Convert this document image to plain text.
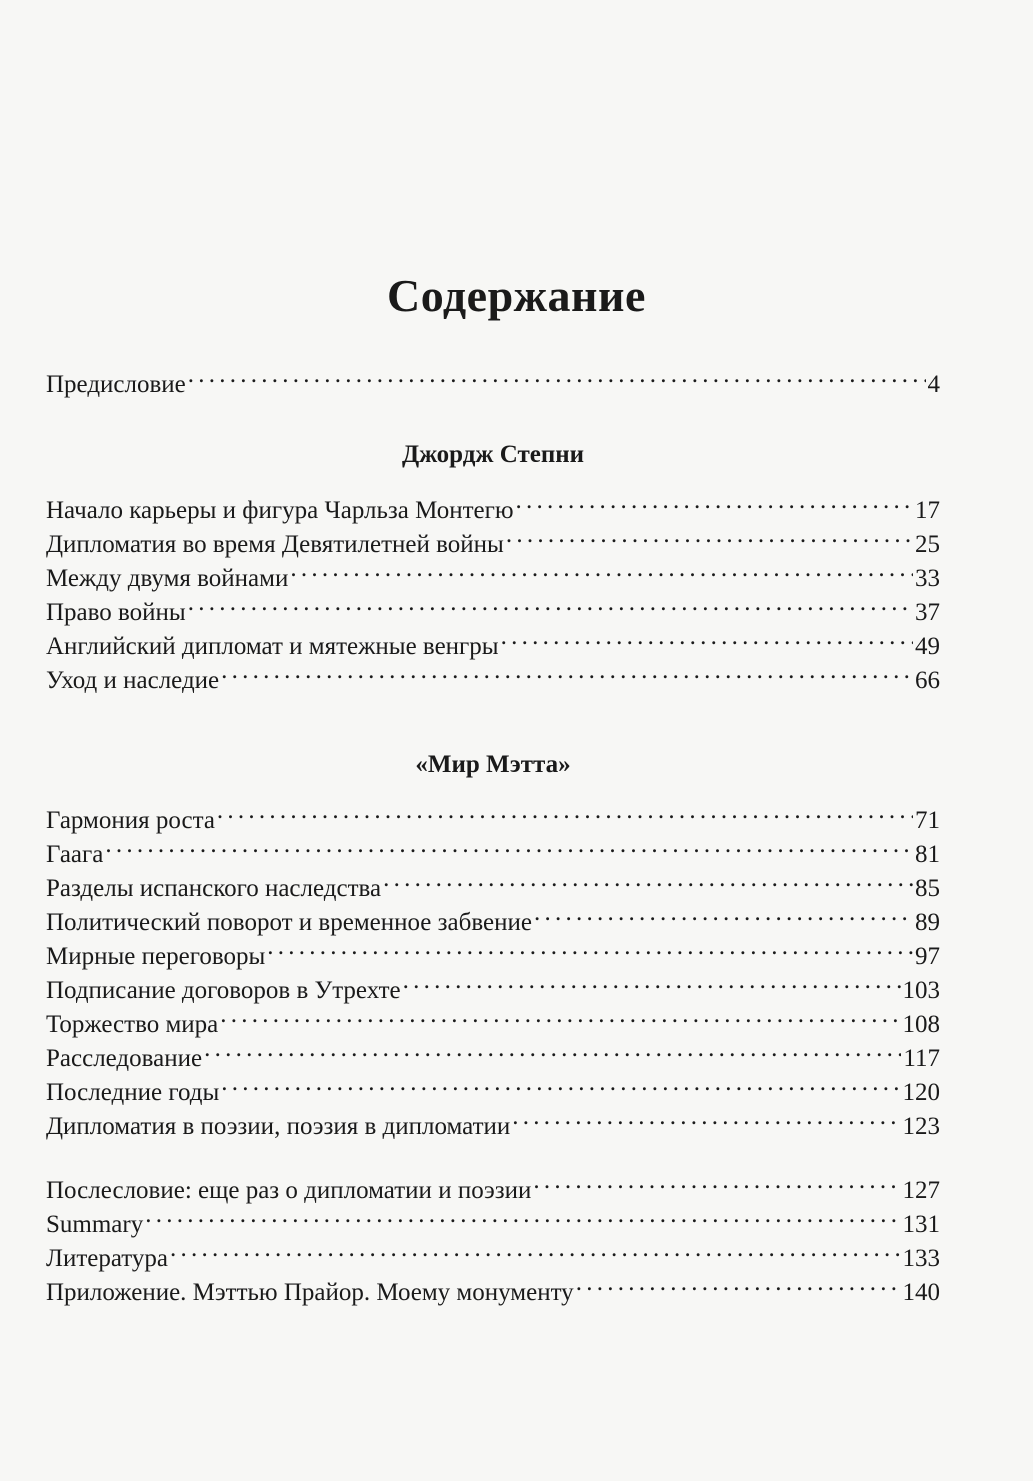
Содержание
Предисловие . . .	4
Джордж Степни
Начало карьеры и фигура Чарльза Монтегю . . .	17
Дипломатия во время Девятилетней войны . . .	25
Между двумя войнами . . .	33
Право войны . . .	37
Английский дипломат и мятежные венгры . . .	49
Уход и наследие . . .	66
«Мир Мэтта»
Гармония роста . . .	71
Гаага . . .	81
Разделы испанского наследства . . .	85
Политический поворот и временное забвение . . .	89
Мирные переговоры . . .	97
Подписание договоров в Утрехте . . .	103
Торжество мира . . .	108
Расследование . . .	117
Последние годы . . .	120
Дипломатия в поэзии, поэзия в дипломатии . . .	123
Послесловие: еще раз о дипломатии и поэзии . . .	127
Summary . . .	131
Литература . . .	133
Приложение. Мэттью Прайор. Моему монументу . . .	140
